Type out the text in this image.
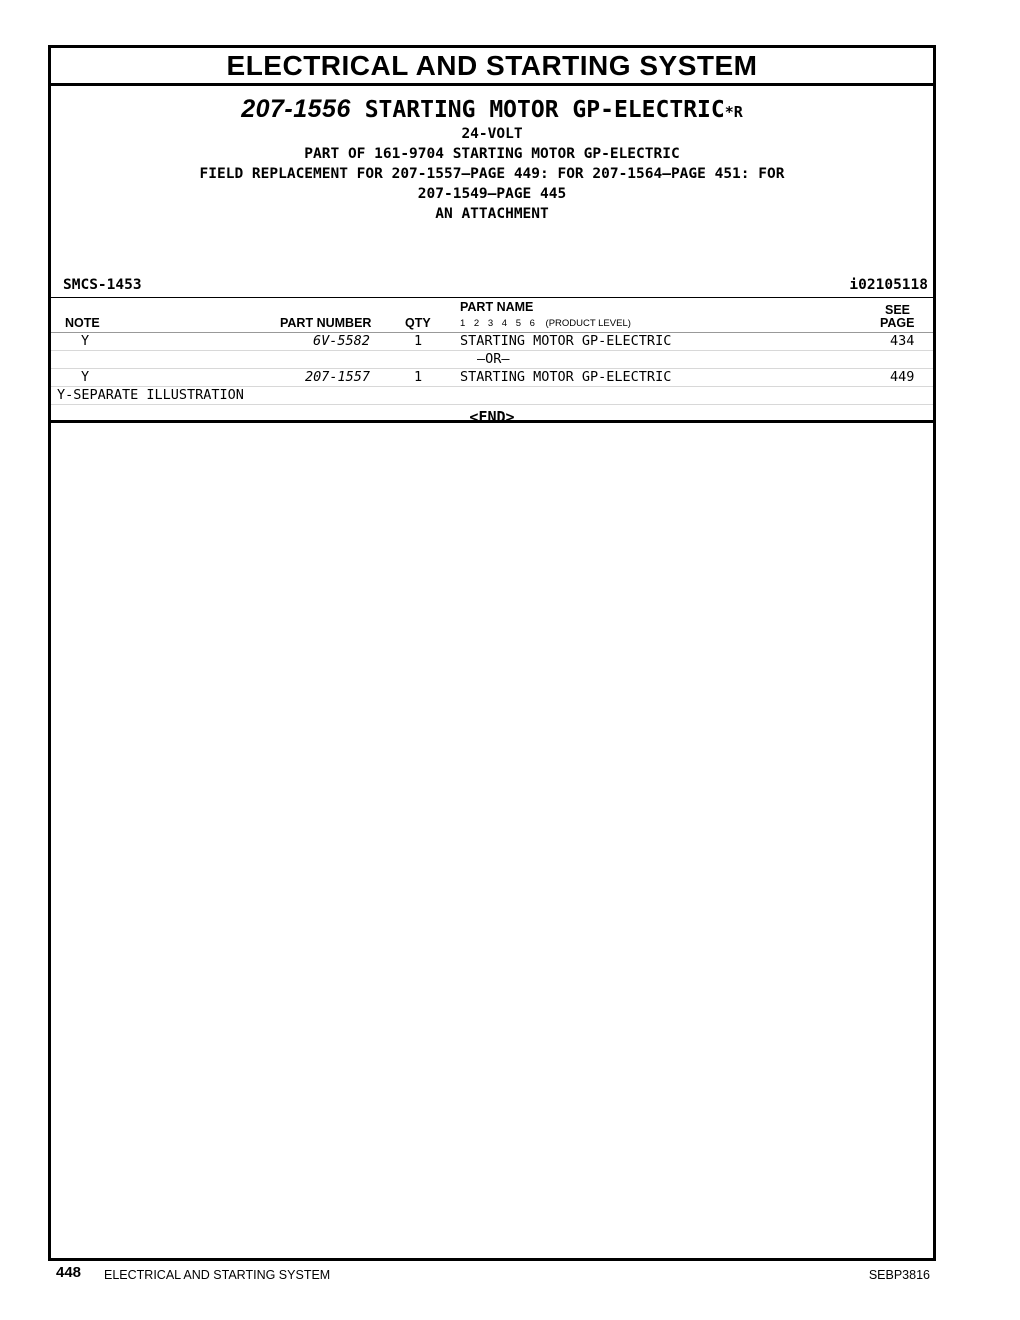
ELECTRICAL AND STARTING SYSTEM
207-1556 STARTING MOTOR GP-ELECTRIC*R
24-VOLT
PART OF 161-9704 STARTING MOTOR GP-ELECTRIC
FIELD REPLACEMENT FOR 207-1557—PAGE 449: FOR 207-1564—PAGE 451: FOR
207-1549—PAGE 445
AN ATTACHMENT
SMCS-1453	i02105118
NOTE	PART NUMBER	QTY
PART NAME
1 2 3 4 5 6 (PRODUCT LEVEL)
SEE
PAGE
Y	6V-5582	1	STARTING MOTOR GP-ELECTRIC	434
—OR—
Y	207-1557	1	STARTING MOTOR GP-ELECTRIC	449
Y-SEPARATE ILLUSTRATION
<END>
448 ELECTRICAL AND STARTING SYSTEM	SEBP3816
